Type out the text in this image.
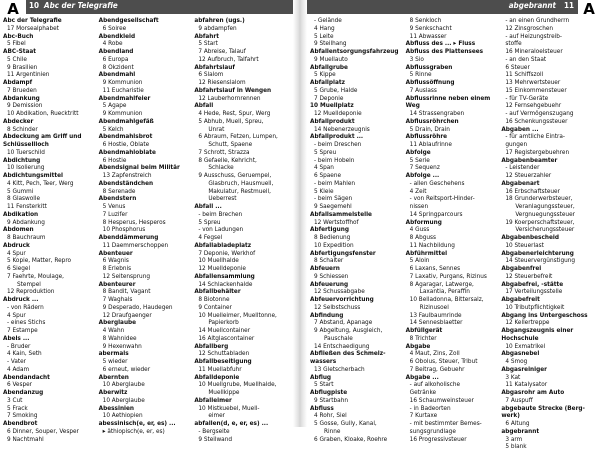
A	10 Abc der Telegrafie
Abc der Telegrafie
17 Morsealphabet
Abc-Buch
5 Fibel
ABC-Staat
5 Chile
9 Brasilien
11 Argentinien
Abdampf
7 Brueden
Abdankung
9 Demission
10 Abdikation, Ruecktritt
Abdecker
8 Schinder
Abdeckung am Griff und
Schlüssellloch
10 Tuerschild
Abdichtung
10 Isolierung
Abdichtungsmittel
4 Kitt, Pech, Teer, Werg
5 Gummi
8 Glaswolle
11 Fensterkitt
Abdikation
9 Abdankung
Abdomen
8 Bauchraum
Abdruck
4 Spur
5 Kopie, Matter, Repro
6 Siegel
7 Faehrte, Moulage,
Stempel
12 Reproduktion
Abdruck ...
- von Rädern
4 Spur
- eines Stichs
7 Estampe
Abels ...
- Bruder
4 Kain, Seth
- Vater
4 Adam
Abendandacht
6 Vesper
Abendanzug
3 Cut
5 Frack
7 Smoking
Abendbrot
6 Dinner, Souper, Vesper
9 Nachtmahl
Abendgesellschaft
6 Soiree
Abendkleid
4 Robe
Abendland
6 Europa
8 Okzident
Abendmahl
9 Kommunion
11 Eucharistie
Abendmahlfeier
5 Agape
9 Kommunion
Abendmahlgefäß
5 Kelch
Abendmahlsbrot
6 Hostie, Oblate
Abendmahloblate
6 Hostie
Abendsignal beim Militär
13 Zapfenstreich
Abendständchen
8 Serenade
Abendstern
5 Venus
7 Luzifer
8 Hesperus, Hesperos
10 Phosphorus
Abenddämmerung
11 Daemmerschoppen
Abenteuer
6 Wagnis
8 Erlebnis
12 Seitensprung
Abenteurer
8 Bandit, Vagant
7 Waghals
9 Desperado, Haudegen
12 Draufgaenger
Aberglaube
4 Wahn
8 Wahnidee
9 Hexenwahn
abermals
5 wieder
6 erneut, wieder
Abernten
10 Aberglaube
Aberwitz
10 Aberglaube
Abessinien
10 Aethiopien
abessinisch(e, er, es) ...
▸ äthiopisch(e, er, es)
abfahren (ugs.)
9 abdampfen
Abfahrt
5 Start
7 Abreise, Talauf
12 Aufbruch, Talfahrt
Abfahrtslauf
6 Slalom
12 Riesenslalom
Abfahrtslauf in Wengen
12 Lauberhornrennen
Abfall
4 Hede, Rest, Spur, Werg
5 Abhub, Muell, Spreu,
Unrat
6 Abraum, Fetzen, Lumpen,
Schutt, Spaene
7 Schrott, Strazza
8 Gefaelle, Kehricht,
Schlacke
9 Ausschuss, Geruempel,
Glasbruch, Hausmuell,
Makulatur, Restmuell,
Ueberrest
Abfall ...
- beim Brechen
5 Spreu
- von Ladungen
4 Fegsel
Abfallabladeplatz
7 Deponie, Werkhof
10 Muellhalde
12 Muelldeponie
Abfallensammlung
14 Schlackenhalde
Abfallbehälter
8 Biotonne
9 Container
10 Muelleimer, Muelltonne,
Papierkorb
14 Muellcontainer
16 Altglascontainer
Abfallberg
12 Schuttabladen
Abfallbeseitigung
11 Muellabfuhr
Abfalldeponie
10 Muellgrube, Muellhalde,
Muellkippe
Abfalleimer
10 Mistkuebel, Muell-
eimer
abfallen(d, e, er, es) ...
- Bergseite
9 Steilwand
A
abgebrannt 11
- Gelände
4 Hang
5 Leite
9 Steilhang
Abfallentsorgungsfahrzeug
9 Muellauto
Abfallgrube
5 Kippe
Abfallplatz
5 Grube, Halde
7 Deponie
10 Muellplatz
12 Muelldeponie
Abfallprodukt
14 Nebenerzeugnis
Abfallprodukt ...
- beim Dreschen
5 Spreu
- beim Hobeln
4 Span
6 Spaene
- beim Mahlen
5 Kleie
- beim Sägen
9 Saegemehl
Abfallsammelstelle
12 Wertstoffhof
Abfertigung
8 Bedienung
10 Expedition
Abfertigungsfenster
8 Schalter
Abfeuern
9 Schiessen
Abfeuerung
12 Schussabgabe
Abfeuervorrichtung
12 Selbstschuss
Abfindung
7 Abstand, Apanage
9 Abgeltung, Ausgleich,
Pauschale
14 Entschaedigung
Abfließen des Schmelz-
wassers
13 Gletscherbach
Abflug
5 Start
Abflugpiste
9 Startbahn
Abfluss
4 Rohr, Siel
5 Gosse, Gully, Kanal,
Rinne
6 Graben, Kloake, Roehre
8 Senkloch
9 Senkschacht
11 Abwasser
Abfluss des ... ▸ Fluss
Abfluss des Plattensees
3 Sio
Abflussgraben
5 Rinne
Abflussöffnung
7 Auslass
Abflussrinne neben einem
Weg
14 Strassengraben
Abflussröhrchen
5 Drain, Drain
Abflussröhre
11 Ablaufrinne
Abfolge
5 Serie
7 Sequenz
Abfolge ...
- allen Geschehens
4 Zeit
- von Reitsport-Hinder-
nissen
14 Springparcours
Abformung
4 Guss
8 Abguss
11 Nachbildung
Abführmittel
5 Aloin
6 Laxans, Sennes
7 Laxativ, Purgans, Rizinus
8 Agaragar, Latwerge,
Laxantia, Peraffin
10 Belladonna, Bittersalz,
Rizinusoel
13 Faulbaumrinde
14 Sennesblaetter
Abfüllgerät
8 Trichter
Abgabe
4 Maut, Zins, Zoll
6 Obolus, Steuer, Tribut
7 Beitrag, Gebuehr
Abgabe ...
- auf alkoholische
Getränke
16 Schaumweinsteuer
- in Badeorten
7 Kurtaxe
- mit bestimmter Bemes-
sungsgrundlage
16 Progressivsteuer
- an einen Grundherrn
12 Zinsgroschen
- auf Heizungstreib-
stoffe
16 Mineraloelsteuer
- an den Staat
6 Steuer
11 Schiffszoll
13 Mehrwertsteuer
15 Einkommensteuer
- für TV-Geräte
12 Fernsehgebuehr
- auf Vermögenszugang
16 Schenkungssteuer
Abgaben ...
- für amtliche Eintra-
gungen
17 Registergebuehren
Abgabenbeamter
- Leistender
12 Steuerzahler
Abgabenart
16 Erbschaftsteuer
18 Grunderwerbsteuer,
Veranlagungssteuer,
Vergnuegungssteuer
19 Koerperschaftsteuer,
Versicherungssteuer
Abgabenbescheid
10 Steuerlast
Abgabenerleichterung
14 Steuervergünstigung
Abgabenfrei
12 Steuerbefreit
Abgabefrei, -stätte
17 Verteilungsstelle
Abgabefreit
10 Tributpflichtigkeit
Abgang ins Untergeschoss
12 Kellertreppe
Abgangszeugnis einer
Hochschule
10 Exmatrikel
Abgasnebel
4 Smog
Abgasreiniger
3 Kat
11 Katalysator
Abgasrohr am Auto
7 Auspuff
abgebaute Strecke (Berg-
werk)
6 Altung
abgebrannt
3 arm
5 blank
